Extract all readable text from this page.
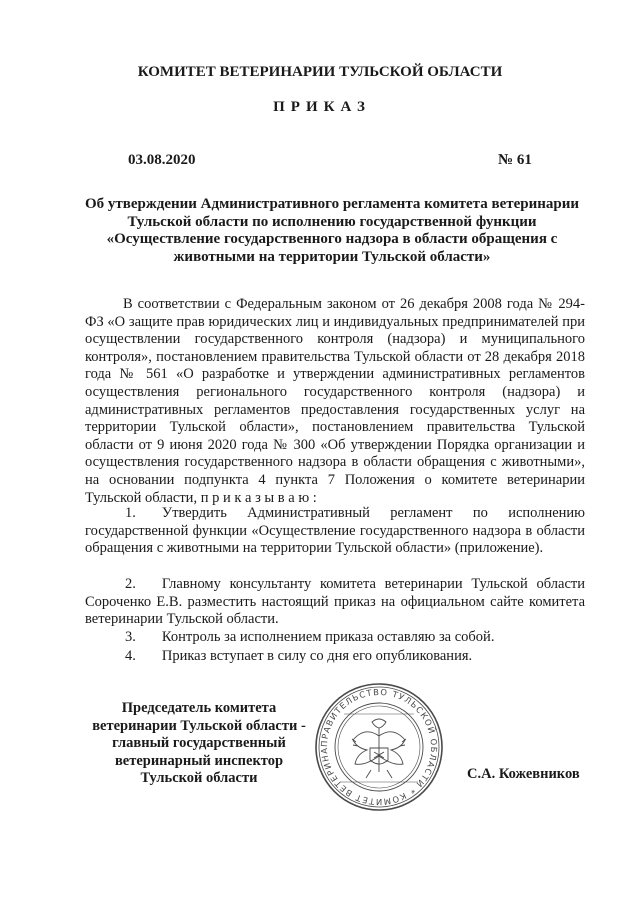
КОМИТЕТ ВЕТЕРИНАРИИ ТУЛЬСКОЙ ОБЛАСТИ
ПРИКАЗ
03.08.2020	№ 61
Об утверждении Административного регламента комитета ветеринарии
Тульской области по исполнению государственной функции
«Осуществление государственного надзора в области обращения с
животными на территории Тульской области»
В соответствии с Федеральным законом от 26 декабря 2008 года № 294-ФЗ «О защите прав юридических лиц и индивидуальных предпринимателей при осуществлении государственного контроля (надзора) и муниципального контроля», постановлением правительства Тульской области от 28 декабря 2018 года № 561 «О разработке и утверждении административных регламентов осуществления регионального государственного контроля (надзора) и административных регламентов предоставления государственных услуг на территории Тульской области», постановлением правительства Тульской области от 9 июня 2020 года № 300 «Об утверждении Порядка организации и осуществления государственного надзора в области обращения с животными», на основании подпункта 4 пункта 7 Положения о комитете ветеринарии Тульской области, п р и к а з ы в а ю :
1. Утвердить Административный регламент по исполнению государственной функции «Осуществление государственного надзора в области обращения с животными на территории Тульской области» (приложение).
2. Главному консультанту комитета ветеринарии Тульской области Сороченко Е.В. разместить настоящий приказ на официальном сайте комитета ветеринарии Тульской области.
3. Контроль за исполнением приказа оставляю за собой.
4. Приказ вступает в силу со дня его опубликования.
Председатель комитета
ветеринарии Тульской области -
главный государственный
ветеринарный инспектор
Тульской области
ПРАВИТЕЛЬСТВО ТУЛЬСКОЙ ОБЛАСТИ * КОМИТЕТ ВЕТЕРИНА
С.А. Кожевников
